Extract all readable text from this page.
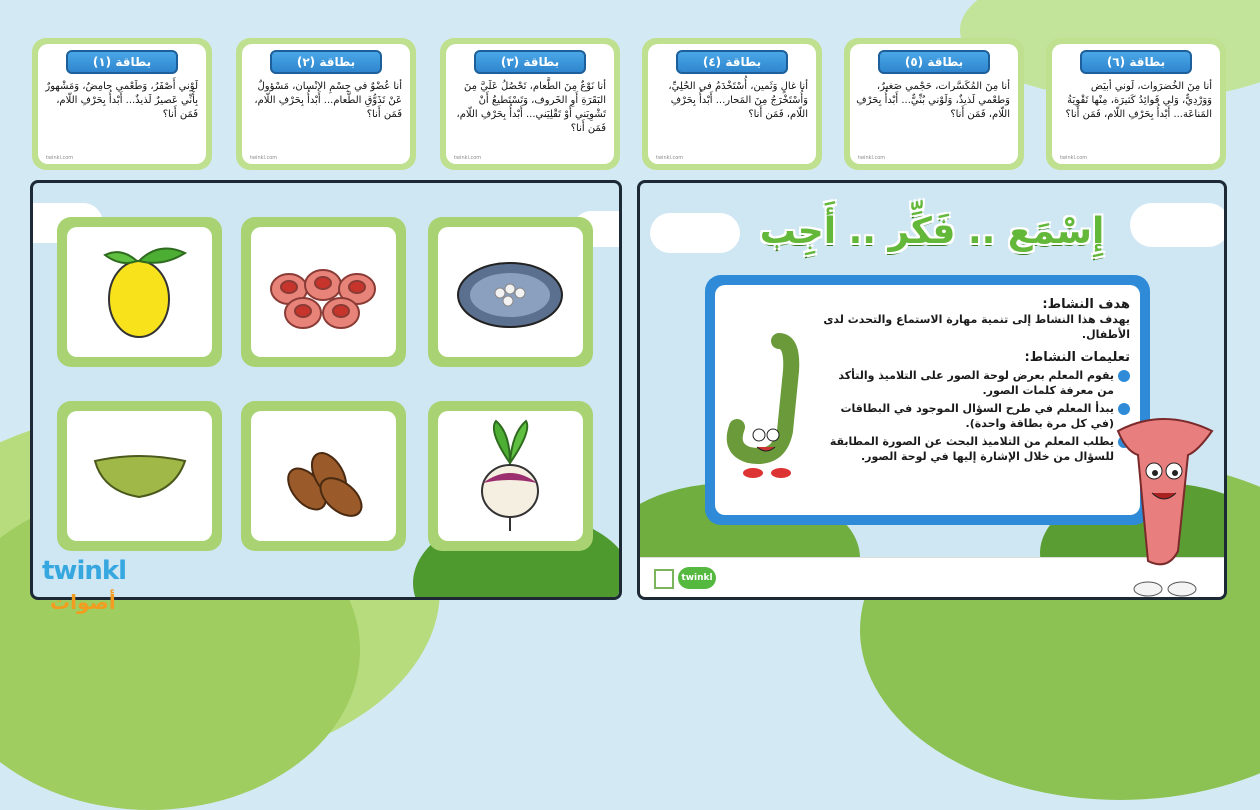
بطاقة (٦)
أنا مِنَ الخُضرَوات، لَوني أبيَض وَوَرْدِيٌّ، وَلي فَوائِدُ كَثيرَة، مِنْها تَقْوِيَةُ المَناعَة... أَبْدأُ بِحَرْفِ اللّام، فَمَن أَنا؟
twinkl.com
بطاقة (٥)
أنا مِنَ المُكَسَّرات، حَجْمي صَغيرٌ، وَطعْمي لَذيذٌ، وَلَوْني بُنِّيٌّ... أَبْدأُ بِحَرْفِ اللّام، فَمَن أَنا؟
twinkl.com
بطاقة (٤)
أنا غالٍ وَثَمين، أُسْتَخْدَمُ في الحُلِيِّ، وَأُسْتَخْرَجُ مِنَ المَحار... أَبْدأُ بِحَرْفِ اللّام، فَمَن أَنا؟
twinkl.com
بطاقة (٣)
أنا نَوْعٌ مِنَ الطَّعام، تَحْصُلُ عَلَيَّ مِنَ البَقَرَةِ أَوِ الخَروف، وَتَسْتَطيعُ أَنْ تَشْوِيَني أَوْ تَقْلِيَني... أَبْدأُ بِحَرْفِ اللّام، فَمَن أَنا؟
twinkl.com
بطاقة (٢)
أنا عُضْوٌ في جِسْمِ الإنْسان، مَسْؤولٌ عَنْ تَذَوُّقِ الطَّعام... أَبْدأُ بِحَرْفِ اللّام، فَمَن أَنا؟
twinkl.com
بطاقة (١)
لَوْني أَصْفَرُ، وَطَعْمي حامِضٌ، وَمَشْهورٌ بِأَنِّي عَصيرٌ لَذيذٌ... أَبْدأُ بِحَرْفِ اللّام، فَمَن أَنا؟
twinkl.com
إِسْمَع .. فَكِّر .. أَجِب
هدف النشاط:
يهدف هذا النشاط إلى تنمية مهارة الاستماع والتحدث لدى الأطفال.
تعليمات النشاط:
يقوم المعلم بعرض لوحة الصور على التلاميذ والتأكد من معرفة كلمات الصور.
يبدأ المعلم في طرح السؤال الموجود في البطاقات (في كل مرة بطاقة واحدة).
يطلب المعلم من التلاميذ البحث عن الصورة المطابقة للسؤال من خلال الإشارة إليها في لوحة الصور.
twinkl
twinkl
أصوات
